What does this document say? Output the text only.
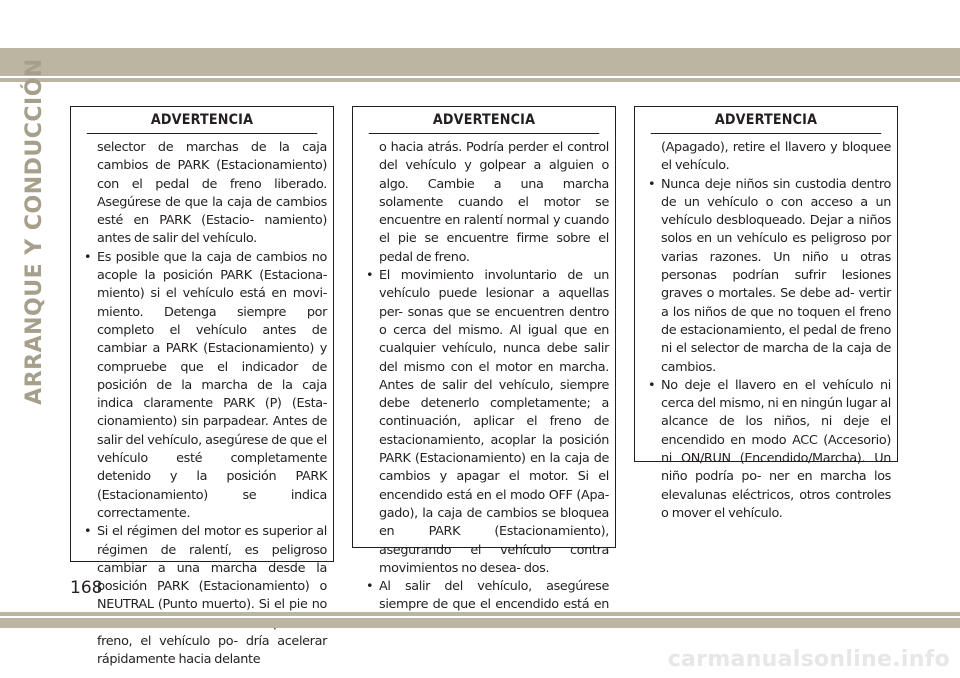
ARRANQUE Y CONDUCCIÓN	ADVERTENCIA

selector de marchas de la caja cambios de PARK (Estacionamiento) con el pedal de freno liberado. Asegúrese de que la caja de cambios esté en PARK (Estacio- namiento) antes de salir del vehículo.

• Es posible que la caja de cambios no acople la posición PARK (Estaciona- miento) si el vehículo está en movi- miento. Detenga siempre por completo el vehículo antes de cambiar a PARK (Estacionamiento) y compruebe que el indicador de posición de la marcha de la caja indica claramente PARK (P) (Esta- cionamiento) sin parpadear. Antes de salir del vehículo, asegúrese de que el vehículo esté completamente detenido y la posición PARK (Estacionamiento) se indica correctamente.

• Si el régimen del motor es superior al régimen de ralentí, es peligroso cambiar a una marcha desde la posición PARK (Estacionamiento) o NEUTRAL (Punto muerto). Si el pie no freno, el vehículo po- dría acelerar rápidamente hacia delante

ADVERTENCIA

o hacia atrás. Podría perder el control del vehículo y golpear a alguien o algo. Cambie a una marcha solamente cuando el motor se encuentre en ralentí normal y cuando el pie se encuentre firme sobre el pedal de freno.

• El movimiento involuntario de un vehículo puede lesionar a aquellas per- sonas que se encuentren dentro o cerca del mismo. Al igual que en cualquier vehículo, nunca debe salir del mismo con el motor en marcha. Antes de salir del vehículo, siempre debe detenerlo completamente; a continuación, aplicar el freno de estacionamiento, acoplar la posición PARK (Estacionamiento) en la caja de cambios y apagar el motor. Si el encendido está en el modo OFF (Apa- gado), la caja de cambios se bloquea en PARK (Estacionamiento), asegurando el vehículo contra movimientos no desea- dos.

• Al salir del vehículo, asegúrese siempre de que el encendido está en

ADVERTENCIA

(Apagado), retire el llavero y bloquee el vehículo.

• Nunca deje niños sin custodia dentro de un vehículo o con acceso a un vehículo desbloqueado. Dejar a niños solos en un vehículo es peligroso por varias razones. Un niño u otras personas podrían sufrir lesiones graves o mortales. Se debe ad- vertir a los niños de que no toquen el freno de estacionamiento, el pedal de freno ni el selector de marcha de la caja de cambios.

• No deje el llavero en el vehículo ni cerca del mismo, ni en ningún lugar al alcance de los niños, ni deje el encendido en modo ACC (Accesorio) ni ON/RUN (Encendido/Marcha). Un niño podría po- ner en marcha los elevalunas eléctricos, otros controles o mover el vehículo.

168
carmanualsonline.info
